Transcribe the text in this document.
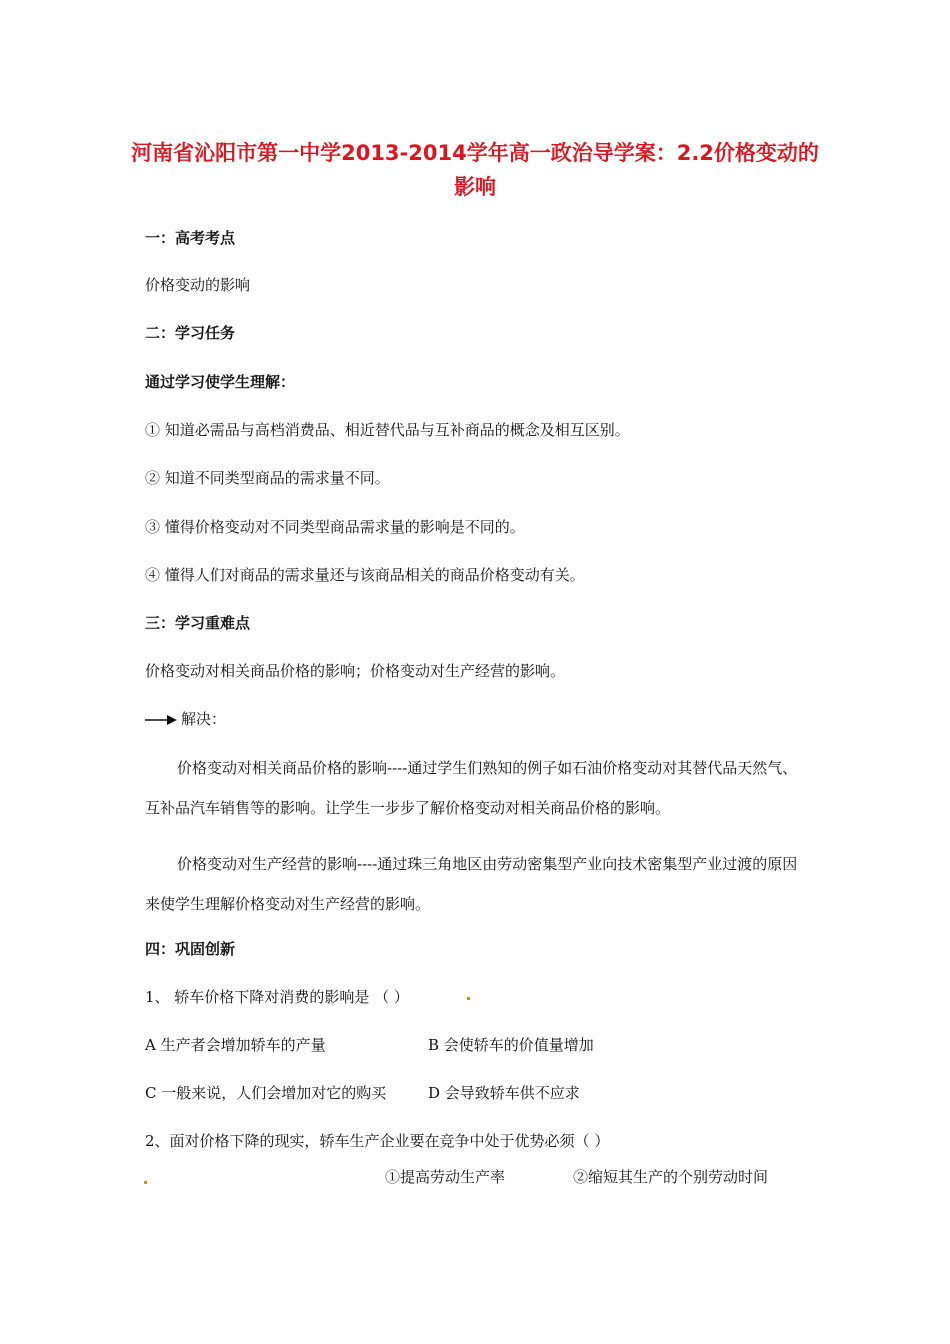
河南省沁阳市第一中学2013-2014学年高一政治导学案：2.2价格变动的影响
一：高考考点
价格变动的影响
二：学习任务
通过学习使学生理解：
① 知道必需品与高档消费品、相近替代品与互补商品的概念及相互区别。
② 知道不同类型商品的需求量不同。
③ 懂得价格变动对不同类型商品需求量的影响是不同的。
④ 懂得人们对商品的需求量还与该商品相关的商品价格变动有关。
三：学习重难点
价格变动对相关商品价格的影响；价格变动对生产经营的影响。
解决：
价格变动对相关商品价格的影响----通过学生们熟知的例子如石油价格变动对其替代品天然气、互补品汽车销售等的影响。让学生一步步了解价格变动对相关商品价格的影响。
价格变动对生产经营的影响----通过珠三角地区由劳动密集型产业向技术密集型产业过渡的原因来使学生理解价格变动对生产经营的影响。
四：巩固创新
1、 轿车价格下降对消费的影响是 （ ）
A 生产者会增加轿车的产量	B 会使轿车的价值量增加
C 一般来说，人们会增加对它的购买	D 会导致轿车供不应求
2、面对价格下降的现实，轿车生产企业要在竞争中处于优势必须（ ）
①提高劳动生产率	②缩短其生产的个别劳动时间
